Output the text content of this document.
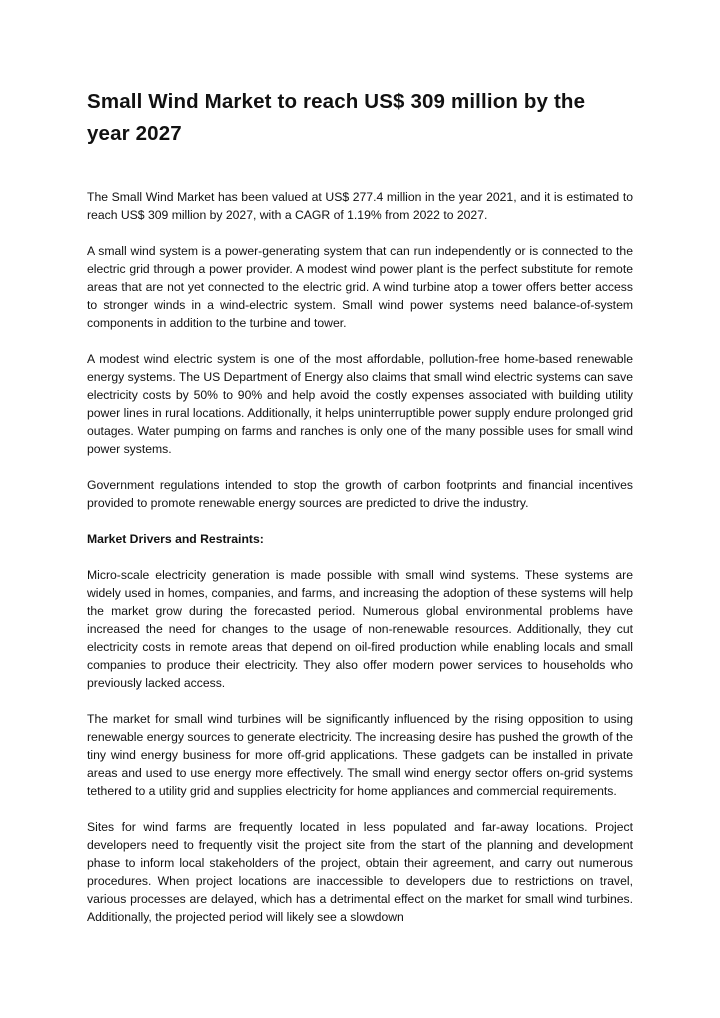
Small Wind Market to reach US$ 309 million by the year 2027

The Small Wind Market has been valued at US$ 277.4 million in the year 2021, and it is estimated to reach US$ 309 million by 2027, with a CAGR of 1.19% from 2022 to 2027.

A small wind system is a power-generating system that can run independently or is connected to the electric grid through a power provider. A modest wind power plant is the perfect substitute for remote areas that are not yet connected to the electric grid. A wind turbine atop a tower offers better access to stronger winds in a wind-electric system. Small wind power systems need balance-of-system components in addition to the turbine and tower.

A modest wind electric system is one of the most affordable, pollution-free home-based renewable energy systems. The US Department of Energy also claims that small wind electric systems can save electricity costs by 50% to 90% and help avoid the costly expenses associated with building utility power lines in rural locations. Additionally, it helps uninterruptible power supply endure prolonged grid outages. Water pumping on farms and ranches is only one of the many possible uses for small wind power systems.

Government regulations intended to stop the growth of carbon footprints and financial incentives provided to promote renewable energy sources are predicted to drive the industry.

Market Drivers and Restraints:

Micro-scale electricity generation is made possible with small wind systems. These systems are widely used in homes, companies, and farms, and increasing the adoption of these systems will help the market grow during the forecasted period. Numerous global environmental problems have increased the need for changes to the usage of non-renewable resources. Additionally, they cut electricity costs in remote areas that depend on oil-fired production while enabling locals and small companies to produce their electricity. They also offer modern power services to households who previously lacked access.

The market for small wind turbines will be significantly influenced by the rising opposition to using renewable energy sources to generate electricity. The increasing desire has pushed the growth of the tiny wind energy business for more off-grid applications. These gadgets can be installed in private areas and used to use energy more effectively. The small wind energy sector offers on-grid systems tethered to a utility grid and supplies electricity for home appliances and commercial requirements.

Sites for wind farms are frequently located in less populated and far-away locations. Project developers need to frequently visit the project site from the start of the planning and development phase to inform local stakeholders of the project, obtain their agreement, and carry out numerous procedures. When project locations are inaccessible to developers due to restrictions on travel, various processes are delayed, which has a detrimental effect on the market for small wind turbines. Additionally, the projected period will likely see a slowdown
